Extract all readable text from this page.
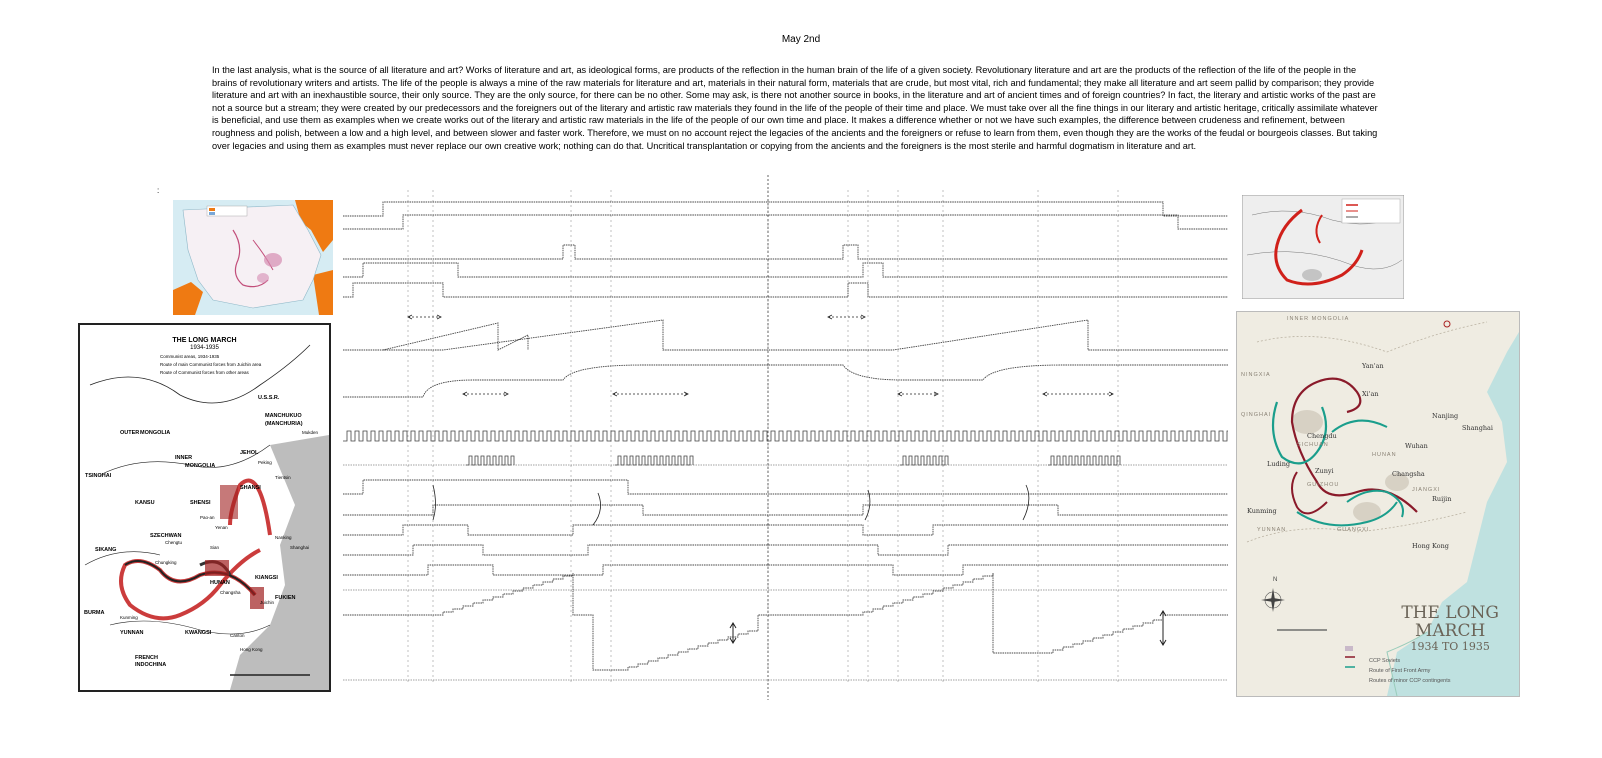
May 2nd

In the last analysis, what is the source of all literature and art? Works of literature and art, as ideological forms, are products of the reflection in the human brain of the life of a given society. Revolutionary literature and art are the products of the reflection of the life of the people in the brains of revolutionary writers and artists. The life of the people is always a mine of the raw materials for literature and art, materials in their natural form, materials that are crude, but most vital, rich and fundamental; they make all literature and art seem pallid by comparison; they provide literature and art with an inexhaustible source, their only source. They are the only source, for there can be no other. Some may ask, is there not another source in books, in the literature and art of ancient times and of foreign countries? In fact, the literary and artistic works of the past are not a source but a stream; they were created by our predecessors and the foreigners out of the literary and artistic raw materials they found in the life of the people of their time and place. We must take over all the fine things in our literary and artistic heritage, critically assimilate whatever is beneficial, and use them as examples when we create works out of the literary and artistic raw materials in the life of the people of our own time and place. It makes a difference whether or not we have such examples, the difference between crudeness and refinement, between roughness and polish, between a low and a high level, and between slower and faster work. Therefore, we must on no account reject the legacies of the ancients and the foreigners or refuse to learn from them, even though they are the works of the feudal or bourgeois classes. But taking over legacies and using them as examples must never replace our own creative work; nothing can do that. Uncritical transplantation or copying from the ancients and the foreigners is the most sterile and harmful dogmatism in literature and art.

:
THE LONG MARCH
1934-1935
Communist areas, 1934-1935
Route of main Communist forces from Juichin area
Route of Communist forces from other areas
U.S.S.R.
MANCHUKUO
(MANCHURIA)
OUTER MONGOLIA
JEHOL
INNER
MONGOLIA
TSINGHAI
KANSU
SHANSI
SHENSI
SZECHWAN
HUNAN
KIANGSI
FUKIEN
YUNNAN	KWANGSI
BURMA
FRENCH
INDOCHINA
SIKANG
Mukden
Peking
Tientsin
Yenan
Pao-an
Sian
Chengtu
Chungking
Changsha
Nanking
Shanghai
Juichin
Kunming
Canton
Hong Kong
N
INNER MONGOLIA
NINGXIA
QINGHAI
SICHUAN
GUIZHOU
YUNNAN	GUANGXI
HUNAN
JIANGXI
Yan'an
Xi'an
Nanjing
Shanghai
Chengdu
Wuhan
Luding
Zunyi	Changsha
Ruijin
Kunming
Hong Kong
THE LONG
MARCH
1934 TO 1935
CCP Soviets
Route of First Front Army
Routes of minor CCP contingents
